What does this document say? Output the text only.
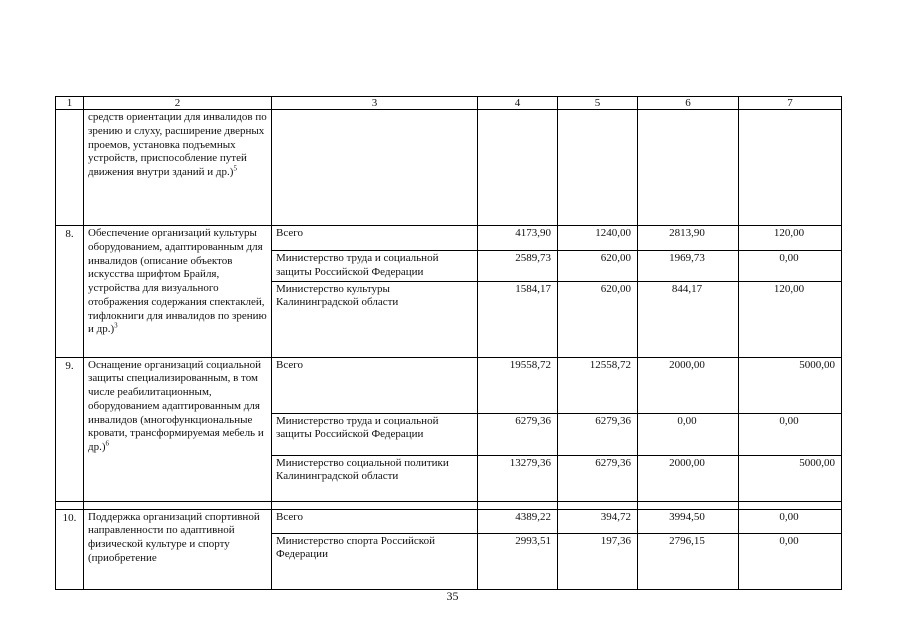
1	2	3	4	5	6	7
	средств ориентации для инвалидов по зрению и слуху, расширение дверных проемов, установка подъемных устройств, приспособление путей движения внутри зданий и др.)$^5$					
8.	Обеспечение организаций культуры оборудованием, адаптированным для инвалидов (описание объектов искусства шрифтом Брайля, устройства для визуального отображения содержания спектаклей, тифлокниги для инвалидов по зрению и др.)$^3$	Всего	4173,90	1240,00	2813,90	120,00
		Министерство труда и социальной защиты Российской Федерации	2589,73	620,00	1969,73	0,00
		Министерство культуры Калининградской области	1584,17	620,00	844,17	120,00
9.	Оснащение организаций социальной защиты специализированным, в том числе реабилитационным, оборудованием адаптированным для инвалидов (многофункциональные кровати, трансформируемая мебель и др.)$^6$	Всего	19558,72	12558,72	2000,00	5000,00
		Министерство труда и социальной защиты Российской Федерации	6279,36	6279,36	0,00	0,00
		Министерство социальной политики Калининградской области	13279,36	6279,36	2000,00	5000,00

10.	Поддержка организаций спортивной направленности по адаптивной физической культуре и спорту (приобретение	Всего	4389,22	394,72	3994,50	0,00
		Министерство спорта Российской Федерации	2993,51	197,36	2796,15	0,00
35
